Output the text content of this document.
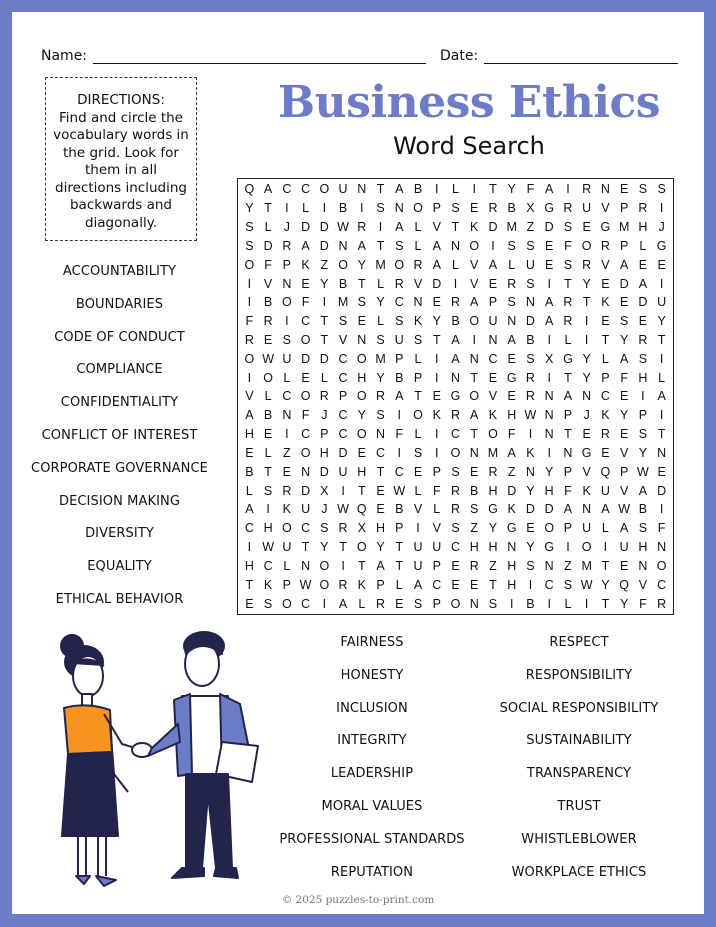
Name:	Date:
DIRECTIONS:
Find and circle the vocabulary words in the grid. Look for them in all directions including backwards and diagonally.
Business Ethics
Word Search
Q A C C O U N T A B	I	L	I	T Y F A	I R N E S S
Y T	I	L	I	B	I	S N O P S E R B X G R U V P R I
S L J D D W R I	A L V T K D M Z D S E G M H J
S D R A D N A T S L A N O I	S S E F O R P L G
O F P K Z O Y M O R A L V A L U E S R V A E E
I	V N E Y B T L R V D I	V E R S	I	T Y E D A	I
I	B O F	I M S Y C N E R A P S N A R T K E D U
F R I C T S E L S K Y B O U N D A R I	E S E Y
R E S O T V N S U S T A	I N A B	I	L	I	T Y R T
O W U D D C O M P L	I	A N C E S X G Y L A S	I
I O L E L C H Y B P	I N T E G R I	T Y P F H L
V L C O R P O R A T E G O V E R N A N C E	I	A
A B N F J C Y S	I O K R A K H W N P J K Y P	I
H E	I C P C O N F L	I C T O F	I N T E R E S T
E L Z O H D E C I	S	I O N M A K	I N G E V Y N
B T E N D U H T C E P S E R Z N Y P V Q P W E
L S R D X	I	T E W L F R B H D Y H F K U V A D
A	I	K U J W Q E B V L R S G K D D A N A W B	I
C H O C S R X H P	I	V S Z Y G E O P U L A S F
I W U T Y T O Y T U U C H H N Y G I O I U H N
H C L N O I	T A T U P E R Z H S N Z M T E N O
T K P W O R K P L A C E E T H I C S W Y Q V C
E S O C I	A L R E S P O N S	I	B	I	L	I	T Y F R
ACCOUNTABILITY
BOUNDARIES
CODE OF CONDUCT
COMPLIANCE
CONFIDENTIALITY
CONFLICT OF INTEREST
CORPORATE GOVERNANCE
DECISION MAKING
DIVERSITY
EQUALITY
ETHICAL BEHAVIOR
FAIRNESS
HONESTY
INCLUSION
INTEGRITY
LEADERSHIP
MORAL VALUES
PROFESSIONAL STANDARDS
REPUTATION
RESPECT
RESPONSIBILITY
SOCIAL RESPONSIBILITY
SUSTAINABILITY
TRANSPARENCY
TRUST
WHISTLEBLOWER
WORKPLACE ETHICS
© 2025 puzzles-to-print.com
